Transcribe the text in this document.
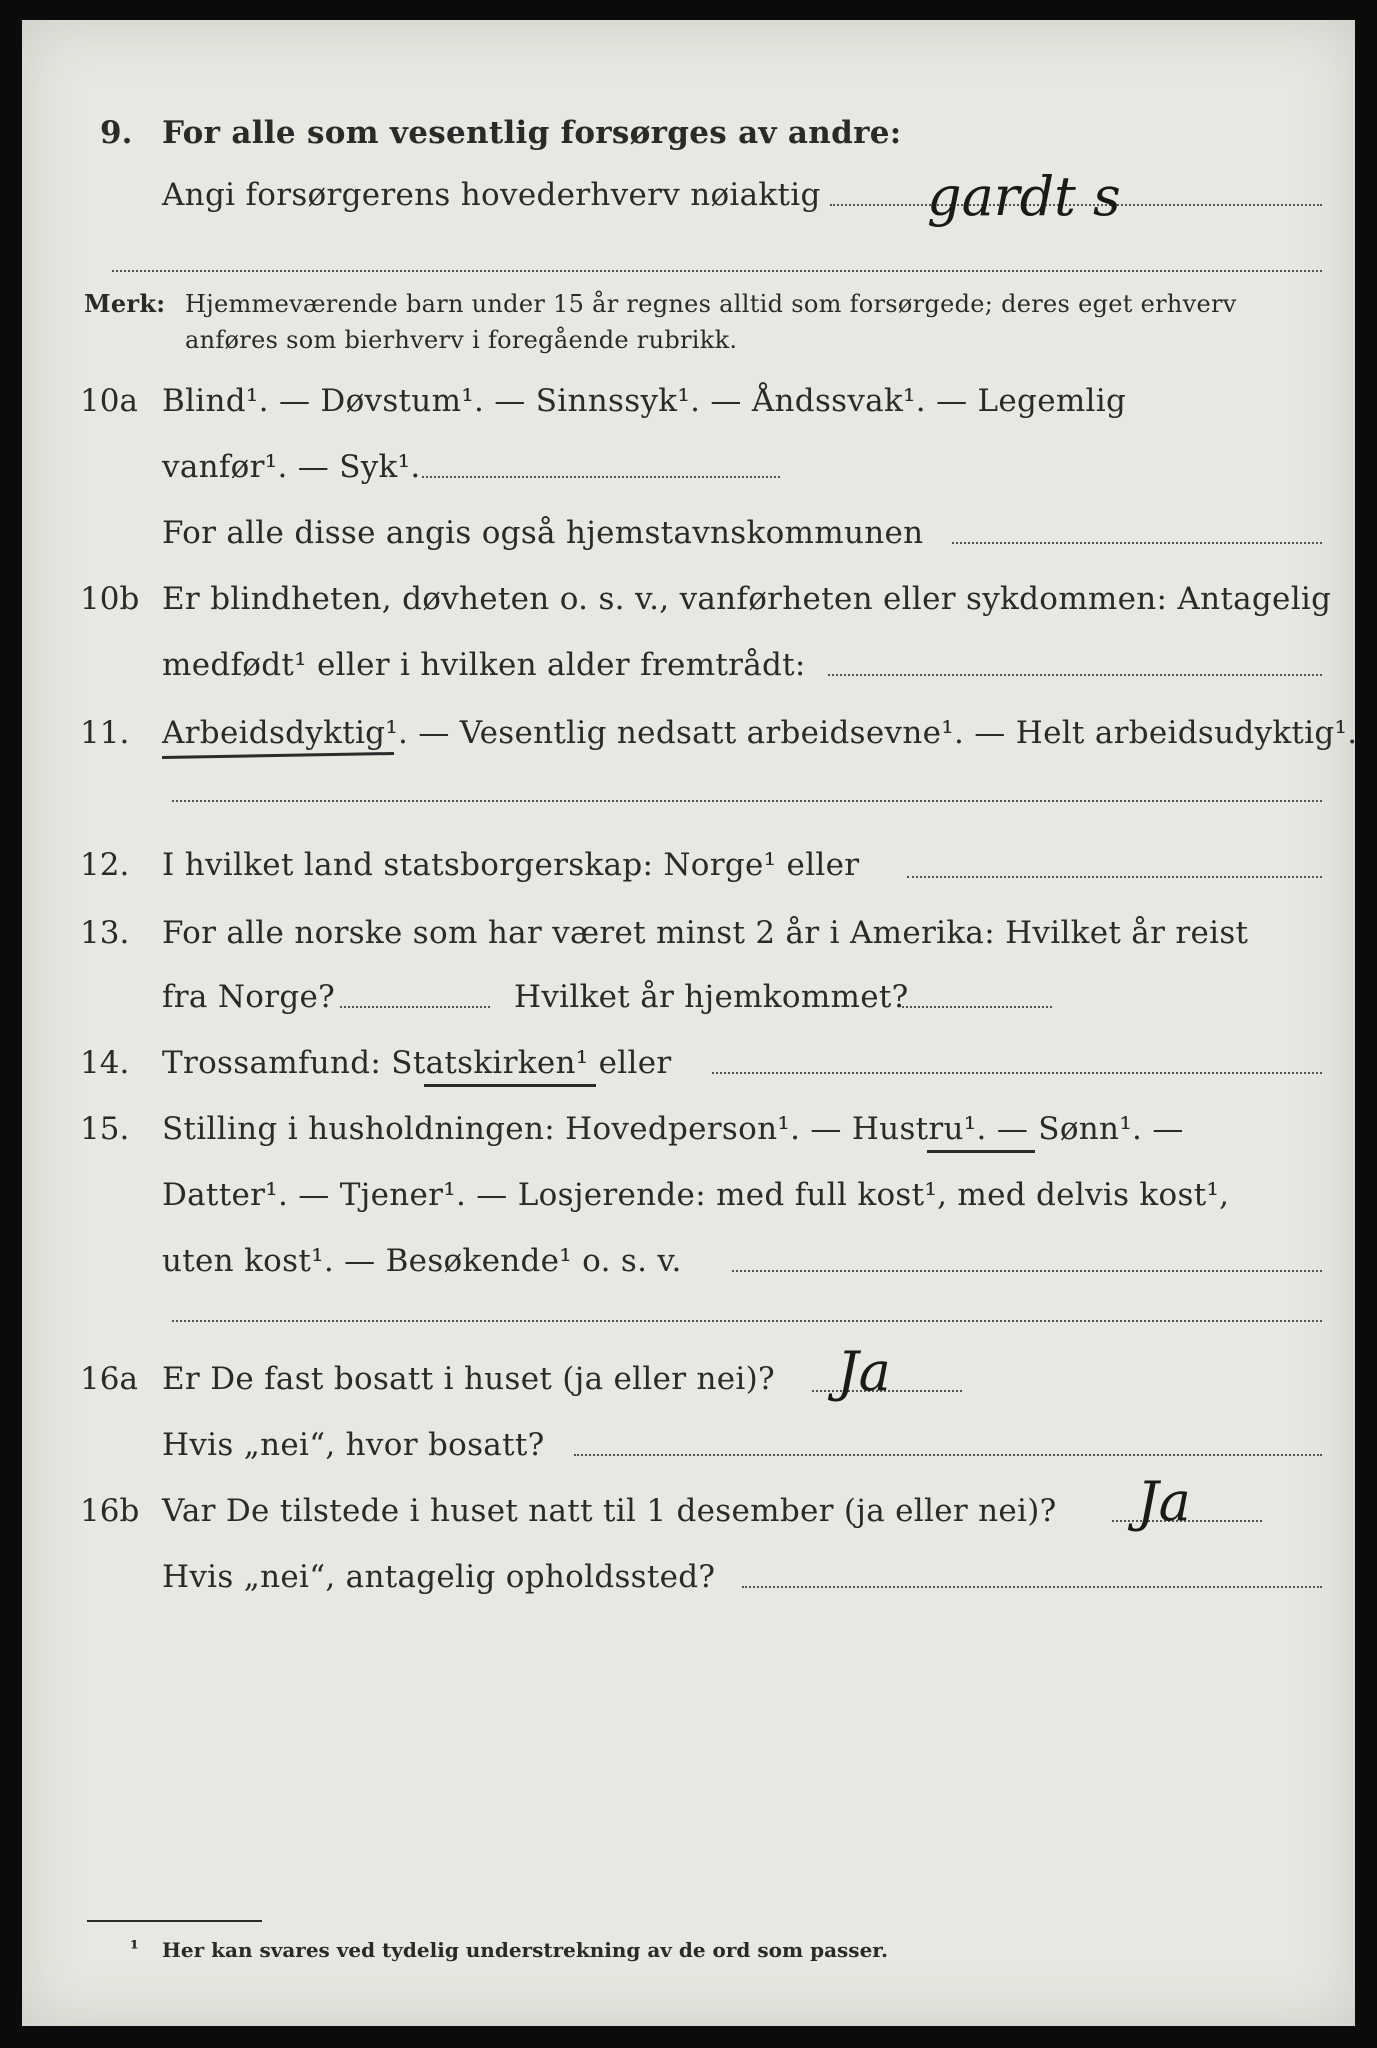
9. For alle som vesentlig forsørges av andre:
Angi forsørgerens hovederhverv nøiaktig gardt s
Merk: Hjemmeværende barn under 15 år regnes alltid som forsørgede; deres eget erhverv
anføres som bierhverv i foregående rubrikk.
10a Blind¹. — Døvstum¹. — Sinnssyk¹. — Åndssvak¹. — Legemlig
vanfør¹. — Syk¹.
For alle disse angis også hjemstavnskommunen
10b Er blindheten, døvheten o. s. v., vanførheten eller sykdommen: Antagelig
medfødt¹ eller i hvilken alder fremtrådt:
11. Arbeidsdyktig¹. — Vesentlig nedsatt arbeidsevne¹. — Helt arbeidsudyktig¹.
12. I hvilket land statsborgerskap: Norge¹ eller
13. For alle norske som har været minst 2 år i Amerika: Hvilket år reist
fra Norge?	Hvilket år hjemkommet?
14. Trossamfund: Statskirken¹ eller
15. Stilling i husholdningen: Hovedperson¹. — Hustru¹. — Sønn¹. —
Datter¹. — Tjener¹. — Losjerende: med full kost¹, med delvis kost¹,
uten kost¹. — Besøkende¹ o. s. v.
16a Er De fast bosatt i huset (ja eller nei)? Ja
Hvis „nei“, hvor bosatt?
16b Var De tilstede i huset natt til 1 desember (ja eller nei)? Ja
Hvis „nei“, antagelig opholdssted?
¹ Her kan svares ved tydelig understrekning av de ord som passer.
